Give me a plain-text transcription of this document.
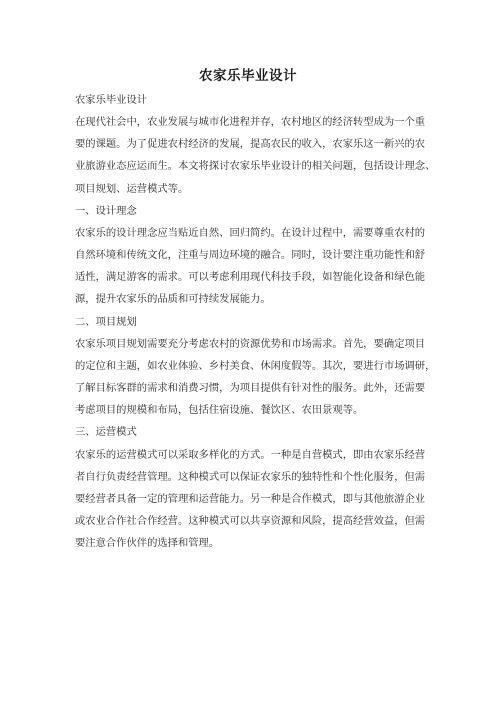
农家乐毕业设计
农家乐毕业设计
在现代社会中，农业发展与城市化进程并存，农村地区的经济转型成为一个重
要的课题。为了促进农村经济的发展，提高农民的收入，农家乐这一新兴的农
业旅游业态应运而生。本文将探讨农家乐毕业设计的相关问题，包括设计理念、
项目规划、运营模式等。
一、设计理念
农家乐的设计理念应当贴近自然、回归简约。在设计过程中，需要尊重农村的
自然环境和传统文化，注重与周边环境的融合。同时，设计要注重功能性和舒
适性，满足游客的需求。可以考虑利用现代科技手段，如智能化设备和绿色能
源，提升农家乐的品质和可持续发展能力。
二、项目规划
农家乐项目规划需要充分考虑农村的资源优势和市场需求。首先，要确定项目
的定位和主题，如农业体验、乡村美食、休闲度假等。其次，要进行市场调研，
了解目标客群的需求和消费习惯，为项目提供有针对性的服务。此外，还需要
考虑项目的规模和布局，包括住宿设施、餐饮区、农田景观等。
三、运营模式
农家乐的运营模式可以采取多样化的方式。一种是自营模式，即由农家乐经营
者自行负责经营管理。这种模式可以保证农家乐的独特性和个性化服务，但需
要经营者具备一定的管理和运营能力。另一种是合作模式，即与其他旅游企业
或农业合作社合作经营。这种模式可以共享资源和风险，提高经营效益，但需
要注意合作伙伴的选择和管理。
